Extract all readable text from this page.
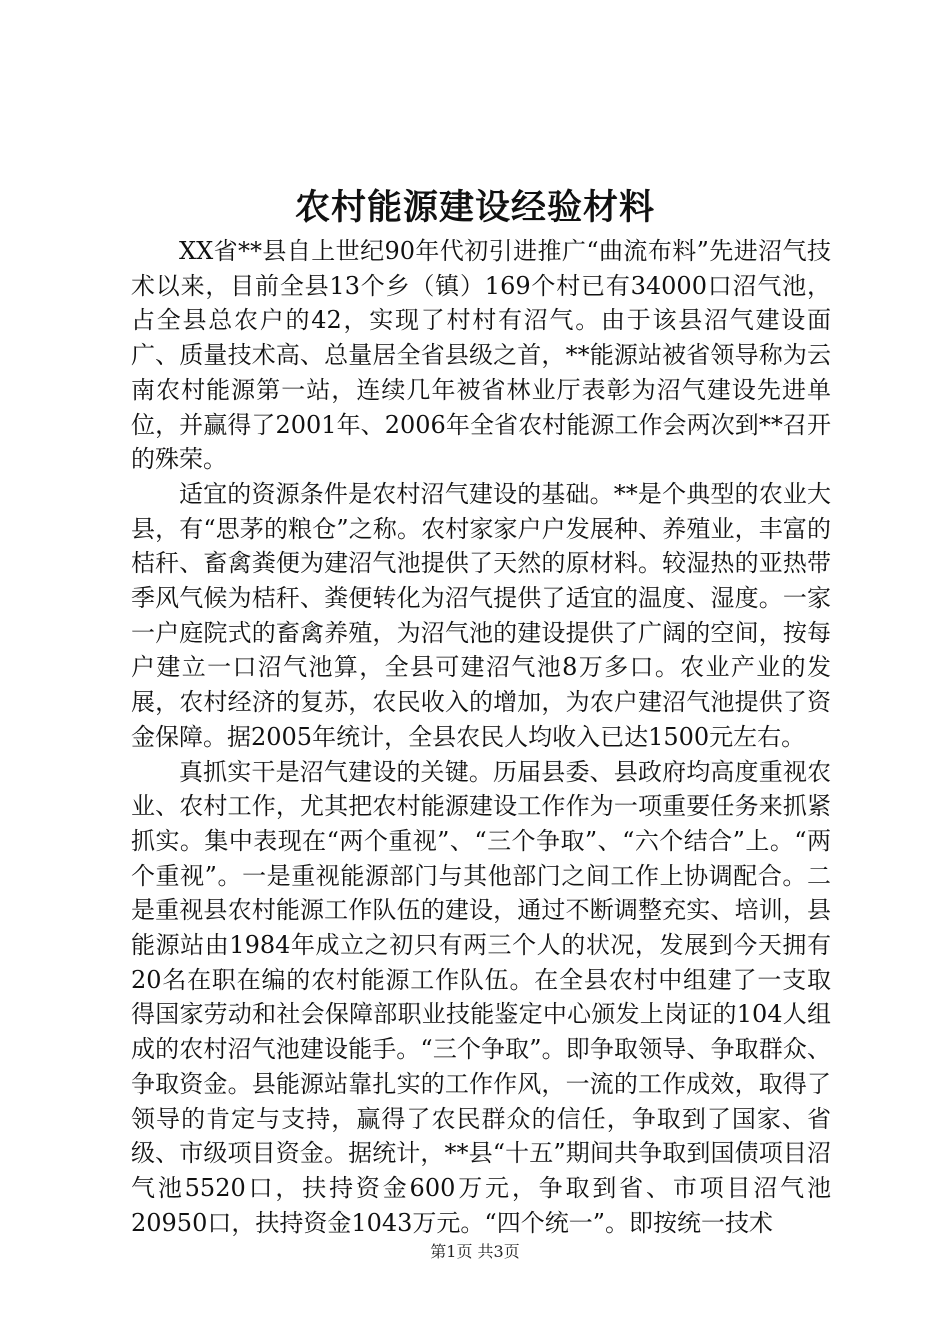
农村能源建设经验材料

XX省**县自上世纪90年代初引进推广“曲流布料”先进沼气技术以来，目前全县13个乡（镇）169个村已有34000口沼气池，占全县总农户的42，实现了村村有沼气。由于该县沼气建设面广、质量技术高、总量居全省县级之首，**能源站被省领导称为云南农村能源第一站，连续几年被省林业厅表彰为沼气建设先进单位，并赢得了2001年、2006年全省农村能源工作会两次到**召开的殊荣。

适宜的资源条件是农村沼气建设的基础。**是个典型的农业大县，有“思茅的粮仓”之称。农村家家户户发展种、养殖业，丰富的桔秆、畜禽粪便为建沼气池提供了天然的原材料。较湿热的亚热带季风气候为桔秆、粪便转化为沼气提供了适宜的温度、湿度。一家一户庭院式的畜禽养殖，为沼气池的建设提供了广阔的空间，按每户建立一口沼气池算，全县可建沼气池8万多口。农业产业的发展，农村经济的复苏，农民收入的增加，为农户建沼气池提供了资金保障。据2005年统计，全县农民人均收入已达1500元左右。

真抓实干是沼气建设的关键。历届县委、县政府均高度重视农业、农村工作，尤其把农村能源建设工作作为一项重要任务来抓紧抓实。集中表现在“两个重视”、“三个争取”、“六个结合”上。“两个重视”。一是重视能源部门与其他部门之间工作上协调配合。二是重视县农村能源工作队伍的建设，通过不断调整充实、培训，县能源站由1984年成立之初只有两三个人的状况，发展到今天拥有20名在职在编的农村能源工作队伍。在全县农村中组建了一支取得国家劳动和社会保障部职业技能鉴定中心颁发上岗证的104人组成的农村沼气池建设能手。“三个争取”。即争取领导、争取群众、争取资金。县能源站靠扎实的工作作风，一流的工作成效，取得了领导的肯定与支持，赢得了农民群众的信任，争取到了国家、省级、市级项目资金。据统计，**县“十五”期间共争取到国债项目沼气池5520口，扶持资金600万元，争取到省、市项目沼气池20950口，扶持资金1043万元。“四个统一”。即按统一技术

第1页 共3页
